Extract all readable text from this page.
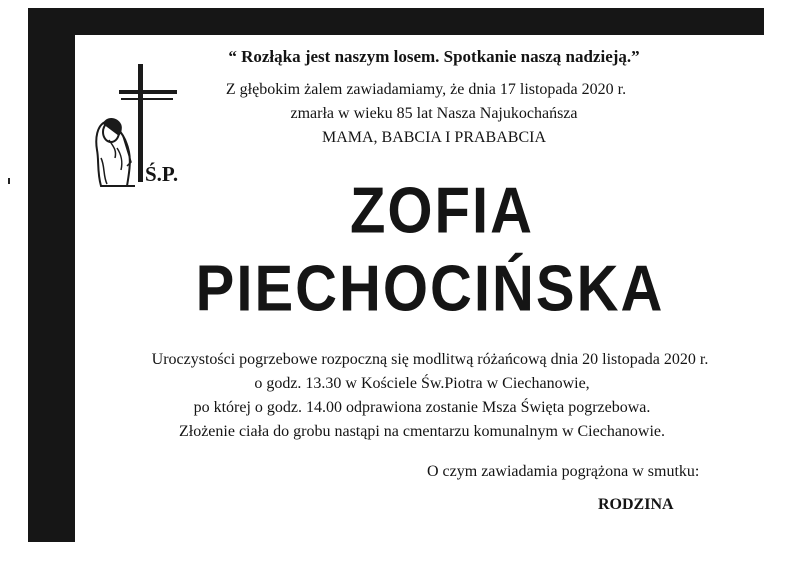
“ Rozłąka jest naszym losem. Spotkanie naszą nadzieją.”
Z głębokim żalem zawiadamiamy, że dnia 17 listopada 2020 r.
zmarła w wieku 85 lat Nasza Najukochańsza
MAMA, BABCIA I PRABABCIA
Ś.P.
ZOFIA
PIECHOCIŃSKA
Uroczystości pogrzebowe rozpoczną się modlitwą różańcową dnia 20 listopada 2020 r.
o godz. 13.30 w Kościele Św.Piotra w Ciechanowie,
po której o godz. 14.00 odprawiona zostanie Msza Święta pogrzebowa.
Złożenie ciała do grobu nastąpi na cmentarzu komunalnym w Ciechanowie.
O czym zawiadamia pogrążona w smutku:
RODZINA
DRUK: Z.U.P. "HADES" R.Żurawski tel. 23 672 14 88, 662 198 820
